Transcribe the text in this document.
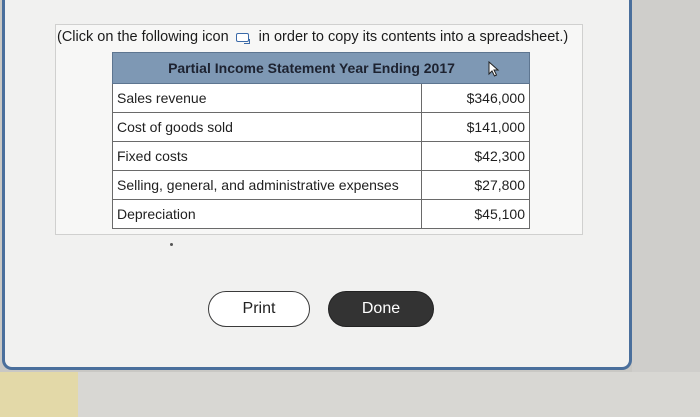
(Click on the following icon in order to copy its contents into a spreadsheet.)
Partial Income Statement Year Ending 2017	

Sales revenue	$346,000
Cost of goods sold	$141,000
Fixed costs	$42,300
Selling, general, and administrative expenses	$27,800
Depreciation	$45,100
Print	Done
